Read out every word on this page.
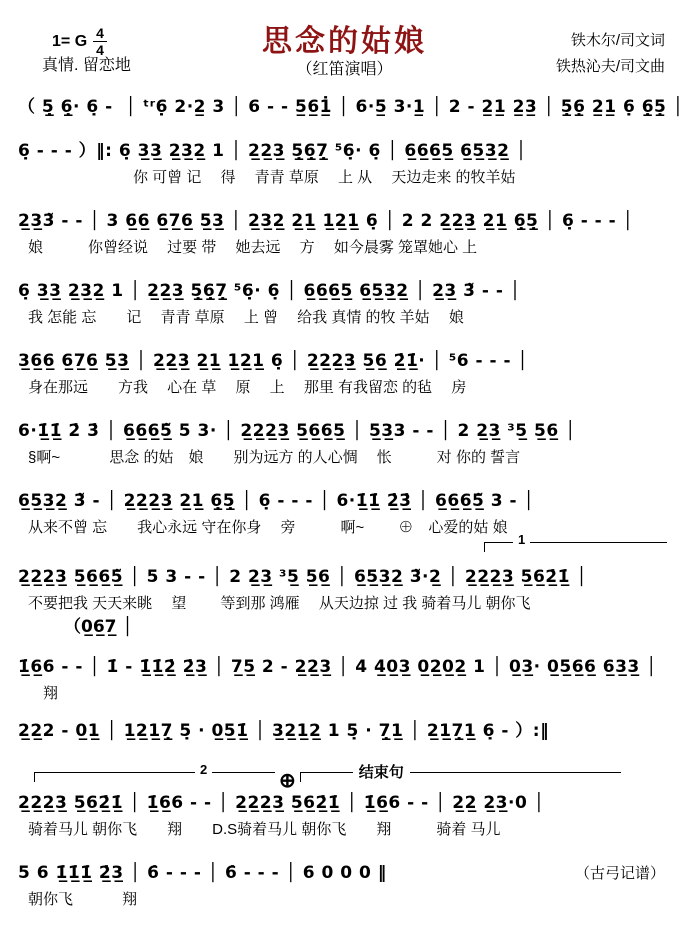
1= G $\frac{4}{4}$
真情. 留恋地
思念的姑娘
（红笛演唱）
铁木尔/司文词
铁热沁夫/司文曲
（ 5̣̲ 6̣̲· 6̣ -  │ ᵗʳ6̣ 2·2̲ 3 │ 6 - - 5̲6̲1̲̇ │ 6·5̲ 3·1̲ │ 2 - 2̲1̲ 2̲3̲ │ 5̣̲6̣̲ 2̲1̲ 6̣ 6̣̲5̣̲ │
6̣ - - - ）‖: 6̣ 3̲3̲ 2̲3̲2̲ 1 │ 2̲2̲3̲ 5̣̲6̣̲7̣̲ ⁵6̣· 6̣ │ 6̲6̲6̲5̲ 6̲5̲3̲2̲ │
　　　　　　　你 可曾 记　 得　 青青 草原　 上 从　 天边走来 的牧羊姑
2̲3̲3̃ - - │ 3 6̲6̲ 6̲7̲6̲ 5̲3̲ │ 2̲3̲2̲ 2̲1̲ 1̲2̲1̲ 6̣ │ 2 2 2̲2̲3̲ 2̲1̲ 6̣̲5̣̲ │ 6̣ - - - │
娘　　　你曾经说　 过要 带　 她去远　 方　 如今晨雾 笼罩她心 上
6̣ 3̲3̲ 2̲3̲2̲ 1 │ 2̲2̲3̲ 5̣̲6̣̲7̣̲ ⁵6̣· 6̣ │ 6̲6̲6̲5̲ 6̲5̲3̲2̲ │ 2̲3̲ 3̃ - - │
我 怎能 忘　　记　 青青 草原　 上 曾　 给我 真情 的牧 羊姑　 娘
3̲6̲6̲ 6̲7̲6̲ 5̲3̲ │ 2̲2̲3̲ 2̲1̲ 1̲2̲1̲ 6̣ │ 2̲2̲2̲3̲ 5̲6̲ 2̲̇1̲̇· │ ⁵6 - - - │
身在那远　　方我　 心在 草　 原　 上　 那里 有我留恋 的毡　 房
6·1̲̇1̲̇ 2̇ 3̇ │ 6̲6̲6̲5̲̃ 5 3· │ 2̲2̲2̲3̲ 5̲6̲6̲5̲ │ 5̲3̲3 - - │ 2 2̲3̲ ³5̲ 5̲6̲ │
§啊~　　　 思念 的姑　娘　　别为远方 的人心惆　 怅　　　对 你的 誓言
6̲5̲3̲2̲ 3̃ - │ 2̲2̲2̲3̲ 2̲1̲ 6̣̲5̣̲ │ 6̣ - - - │ 6·1̲̇1̲̇ 2̲̇3̲̇ │ 6̲6̲6̲5̲̃ 3 - │
从来不曾 忘　　我心永远 守在你身　 旁　　　啊~　　 ⊕　心爱的姑 娘
1
2̲2̲2̲3̲ 5̲6̲6̲5̲̃ │ 5 3 - - │ 2 2̲3̲ ³5̲ 5̲6̲ │ 6̲5̲3̲2̲ 3̃·2̲ │ 2̲2̲2̲3̲ 5̲6̲2̲̇1̲̇ │
不要把我 天天来眺　 望　　 等到那 鸿雁　 从天边掠 过 我 骑着马儿 朝你飞
（0̲6̲7̲ │
1̲̇6̲6 - - │ 1̇ - 1̲̇1̲̇2̲̇ 2̲̇3̲ │ 7̲5̲ 2 - 2̲2̲3̲ │ 4 4̲0̲3̲ 0̲2̲0̲2̲ 1 │ 0̲3̲· 0̲5̲6̲6̲ 6̲3̲3̲ │
　翔
2̲2̲2 - 0̲1̲ │ 1̲2̲1̲7̣̲ 5̣ · 0̲5̲1̲̇ │ 3̲2̲1̲2̲ 1 5̣ · 7̣̲1̲ │ 2̲1̲7̣̲1̲ 6̣ - ）:‖
2
⊕	结束句
2̲2̲2̲3̲ 5̲6̲2̲̇1̲̇ │ 1̲̇6̲6 - - │ 2̲2̲2̲3̲ 5̲6̲2̲̇1̲̇ │ 1̲̇6̲6 - - │ 2̲2̲ 2̲3̲·0 │
骑着马儿 朝你飞　　翔　　D.S骑着马儿 朝你飞　　翔　　　骑着 马儿
5 6 1̲̇1̲̇1̲̇ 2̲̇3̲ │ 6̇ - - - │ 6̇ - - - │ 6 0 0 0 ‖
朝你飞　　　 翔
（古弓记谱）
